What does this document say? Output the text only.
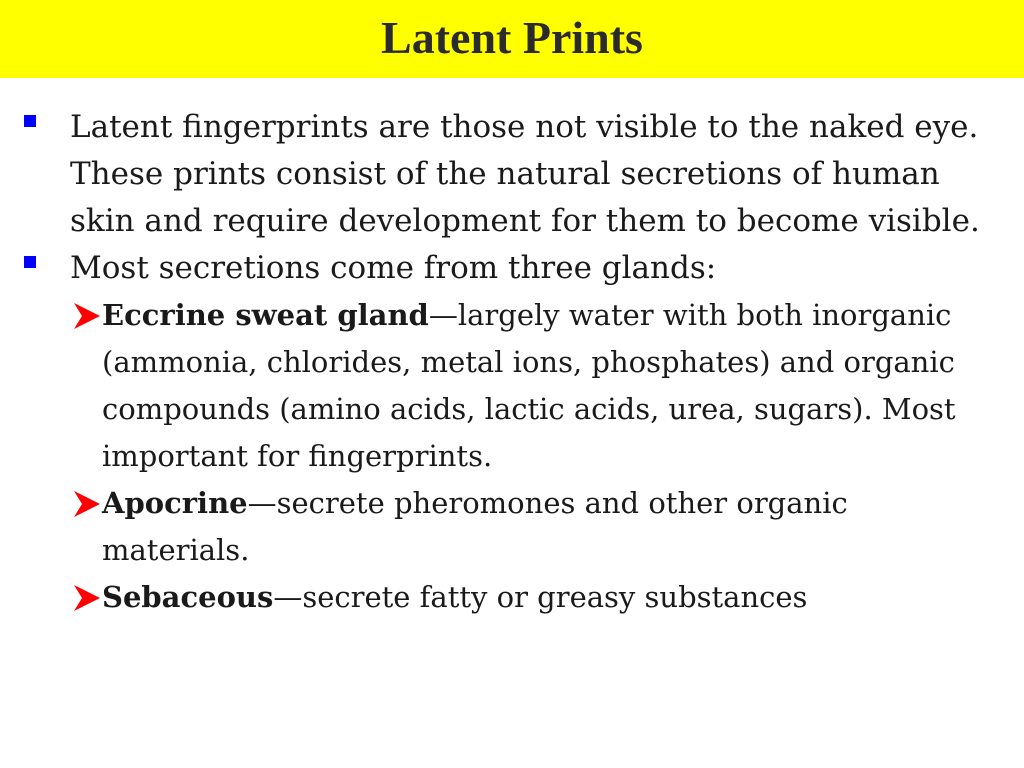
Latent Prints
Latent fingerprints are those not visible to the naked eye. These prints consist of the natural secretions of human skin and require development for them to become visible.
Most secretions come from three glands:
Eccrine sweat gland—largely water with both inorganic (ammonia, chlorides, metal ions, phosphates) and organic compounds (amino acids, lactic acids, urea, sugars). Most important for fingerprints.
Apocrine—secrete pheromones and other organic materials.
Sebaceous—secrete fatty or greasy substances
